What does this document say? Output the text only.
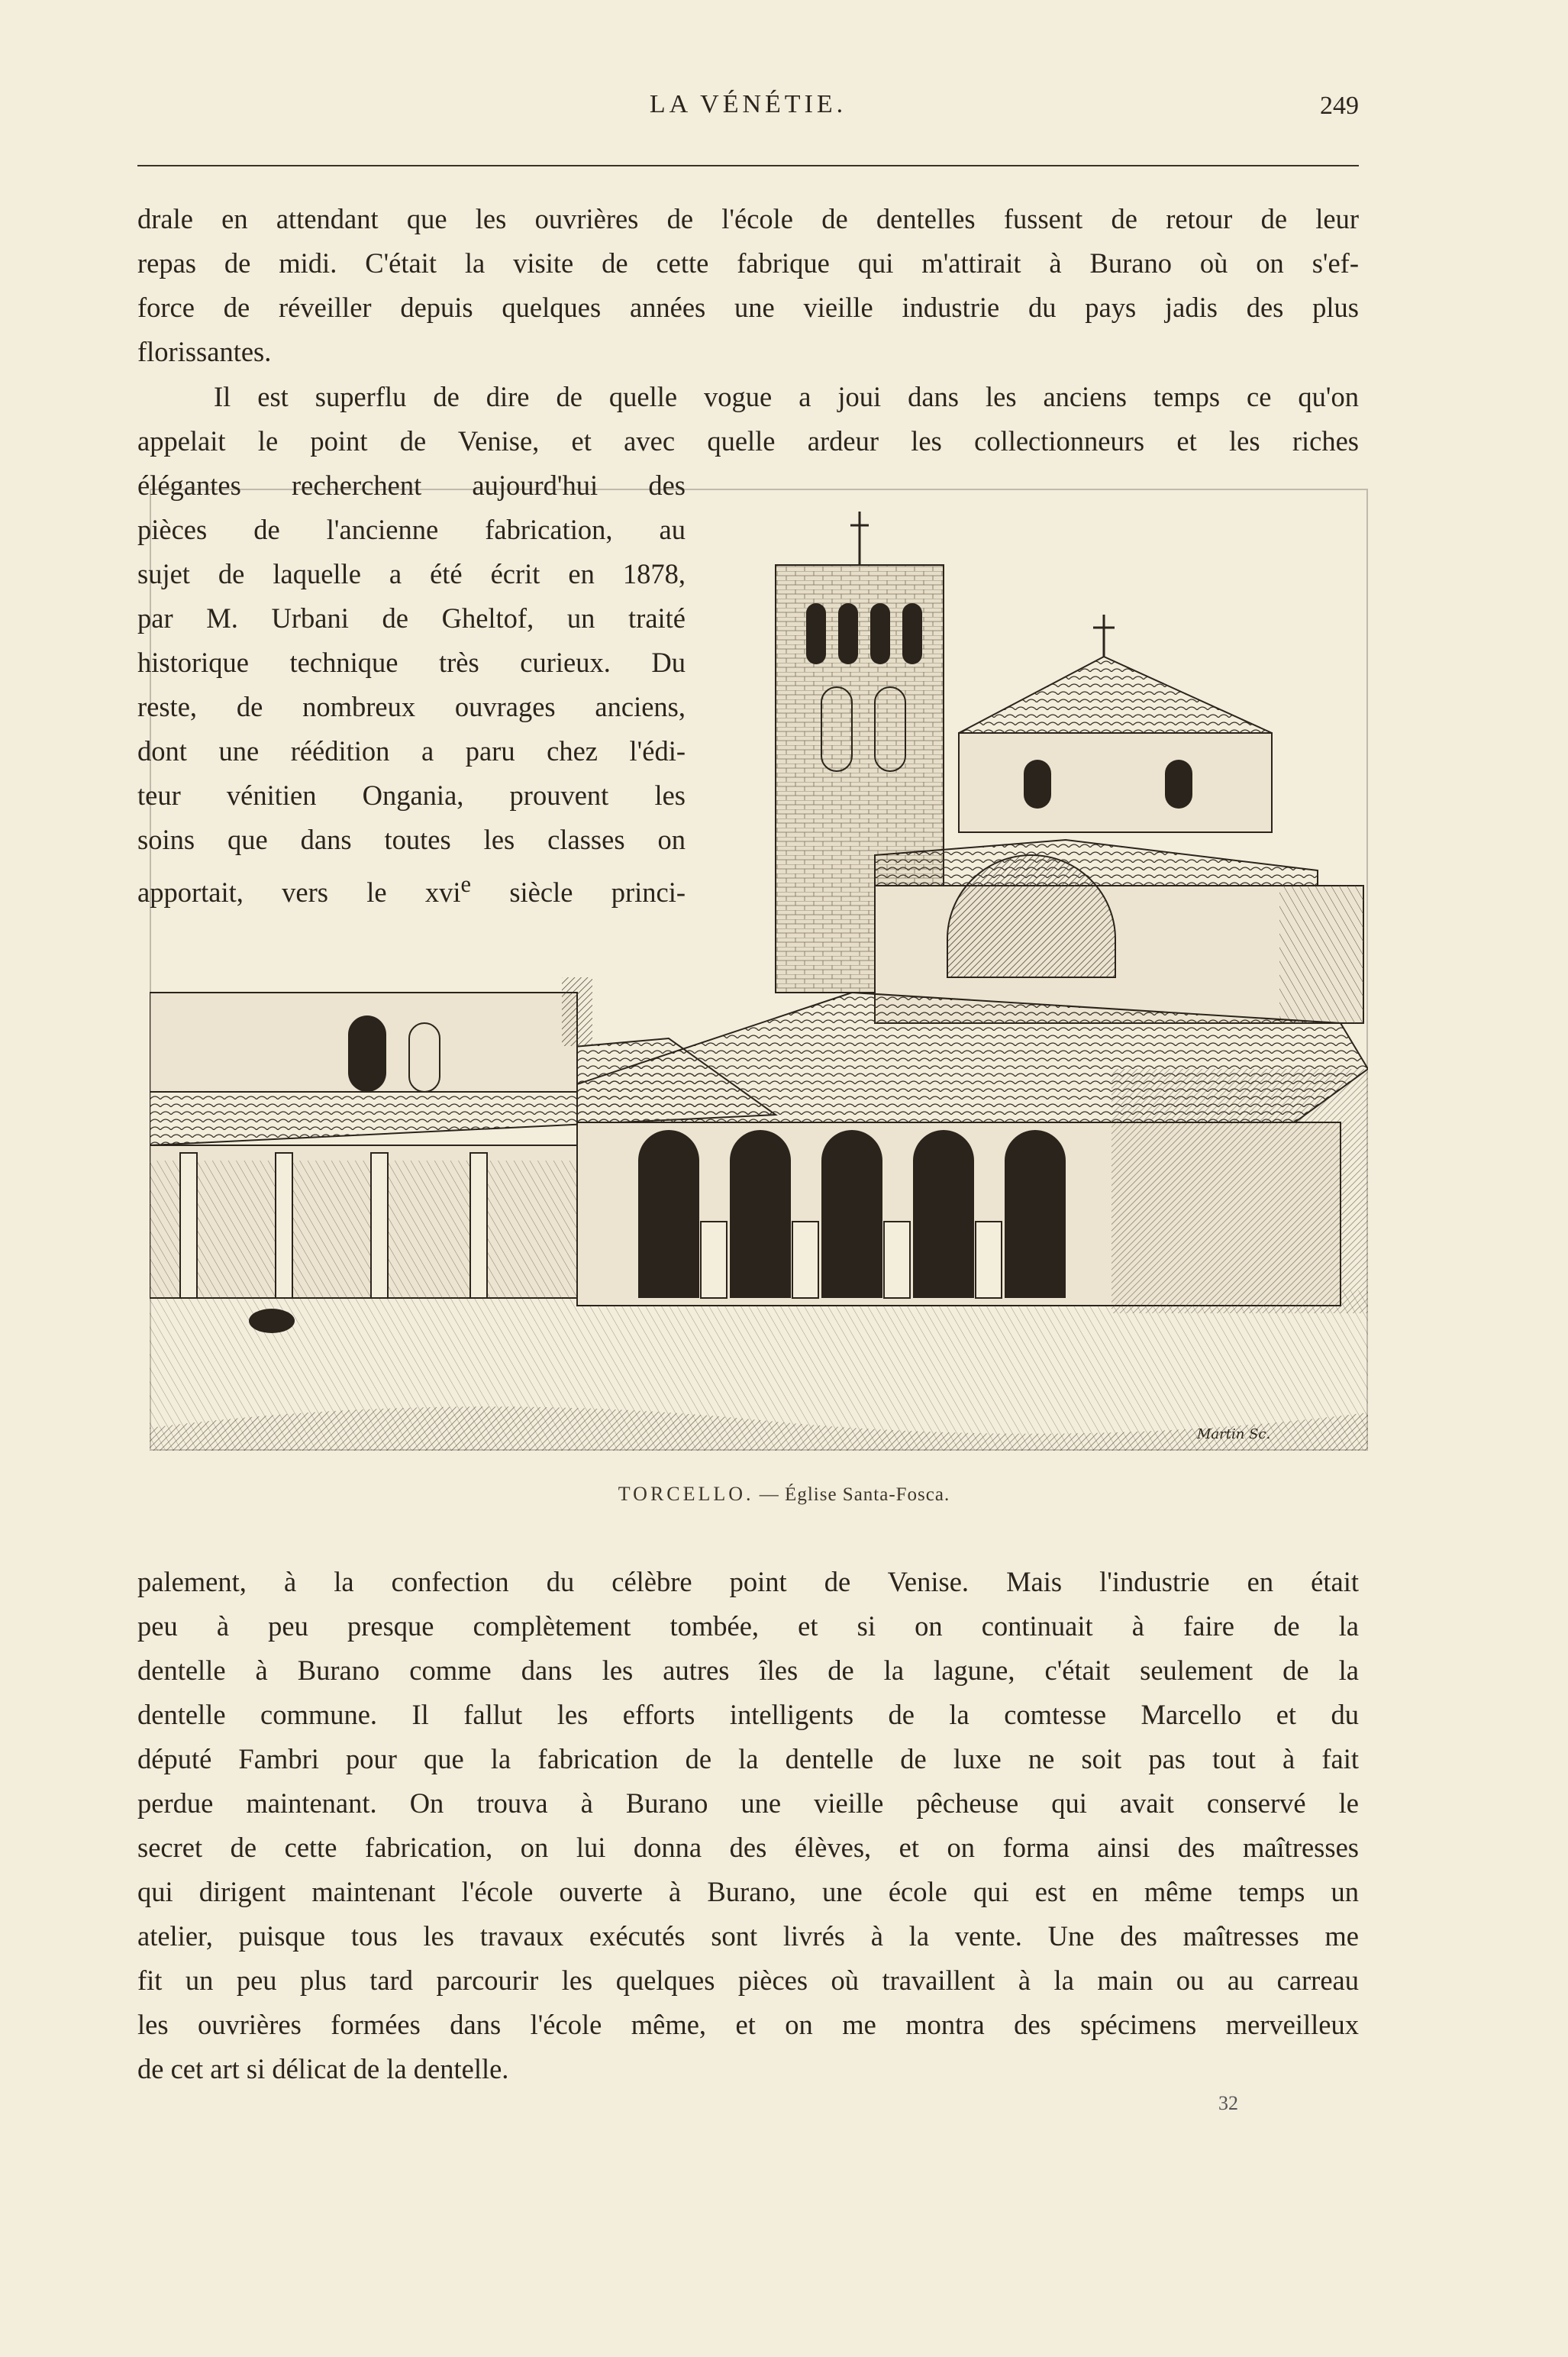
LA VÉNÉTIE.	249

drale en attendant que les ouvrières de l'école de dentelles fussent de retour de leur
repas de midi. C'était la visite de cette fabrique qui m'attirait à Burano où on s'ef-
force de réveiller depuis quelques années une vieille industrie du pays jadis des plus
florissantes.

Il est superflu de dire de quelle vogue a joui dans les anciens temps ce qu'on
appelait le point de Venise, et avec quelle ardeur les collectionneurs et les riches

élégantes recherchent aujourd'hui des
pièces de l'ancienne fabrication, au
sujet de laquelle a été écrit en 1878,
par M. Urbani de Gheltof, un traité
historique technique très curieux. Du
reste, de nombreux ouvrages anciens,
dont une réédition a paru chez l'édi-
teur vénitien Ongania, prouvent les
soins que dans toutes les classes on
apportait, vers le xvi$^e$ siècle princi-

Martin Sc.
TORCELLO. — Église Santa-Fosca.

palement, à la confection du célèbre point de Venise. Mais l'industrie en était
peu à peu presque complètement tombée, et si on continuait à faire de la
dentelle à Burano comme dans les autres îles de la lagune, c'était seulement de la
dentelle commune. Il fallut les efforts intelligents de la comtesse Marcello et du
député Fambri pour que la fabrication de la dentelle de luxe ne soit pas tout à fait
perdue maintenant. On trouva à Burano une vieille pêcheuse qui avait conservé le
secret de cette fabrication, on lui donna des élèves, et on forma ainsi des maîtresses
qui dirigent maintenant l'école ouverte à Burano, une école qui est en même temps un
atelier, puisque tous les travaux exécutés sont livrés à la vente. Une des maîtresses me
fit un peu plus tard parcourir les quelques pièces où travaillent à la main ou au carreau
les ouvrières formées dans l'école même, et on me montra des spécimens merveilleux
de cet art si délicat de la dentelle.

32
